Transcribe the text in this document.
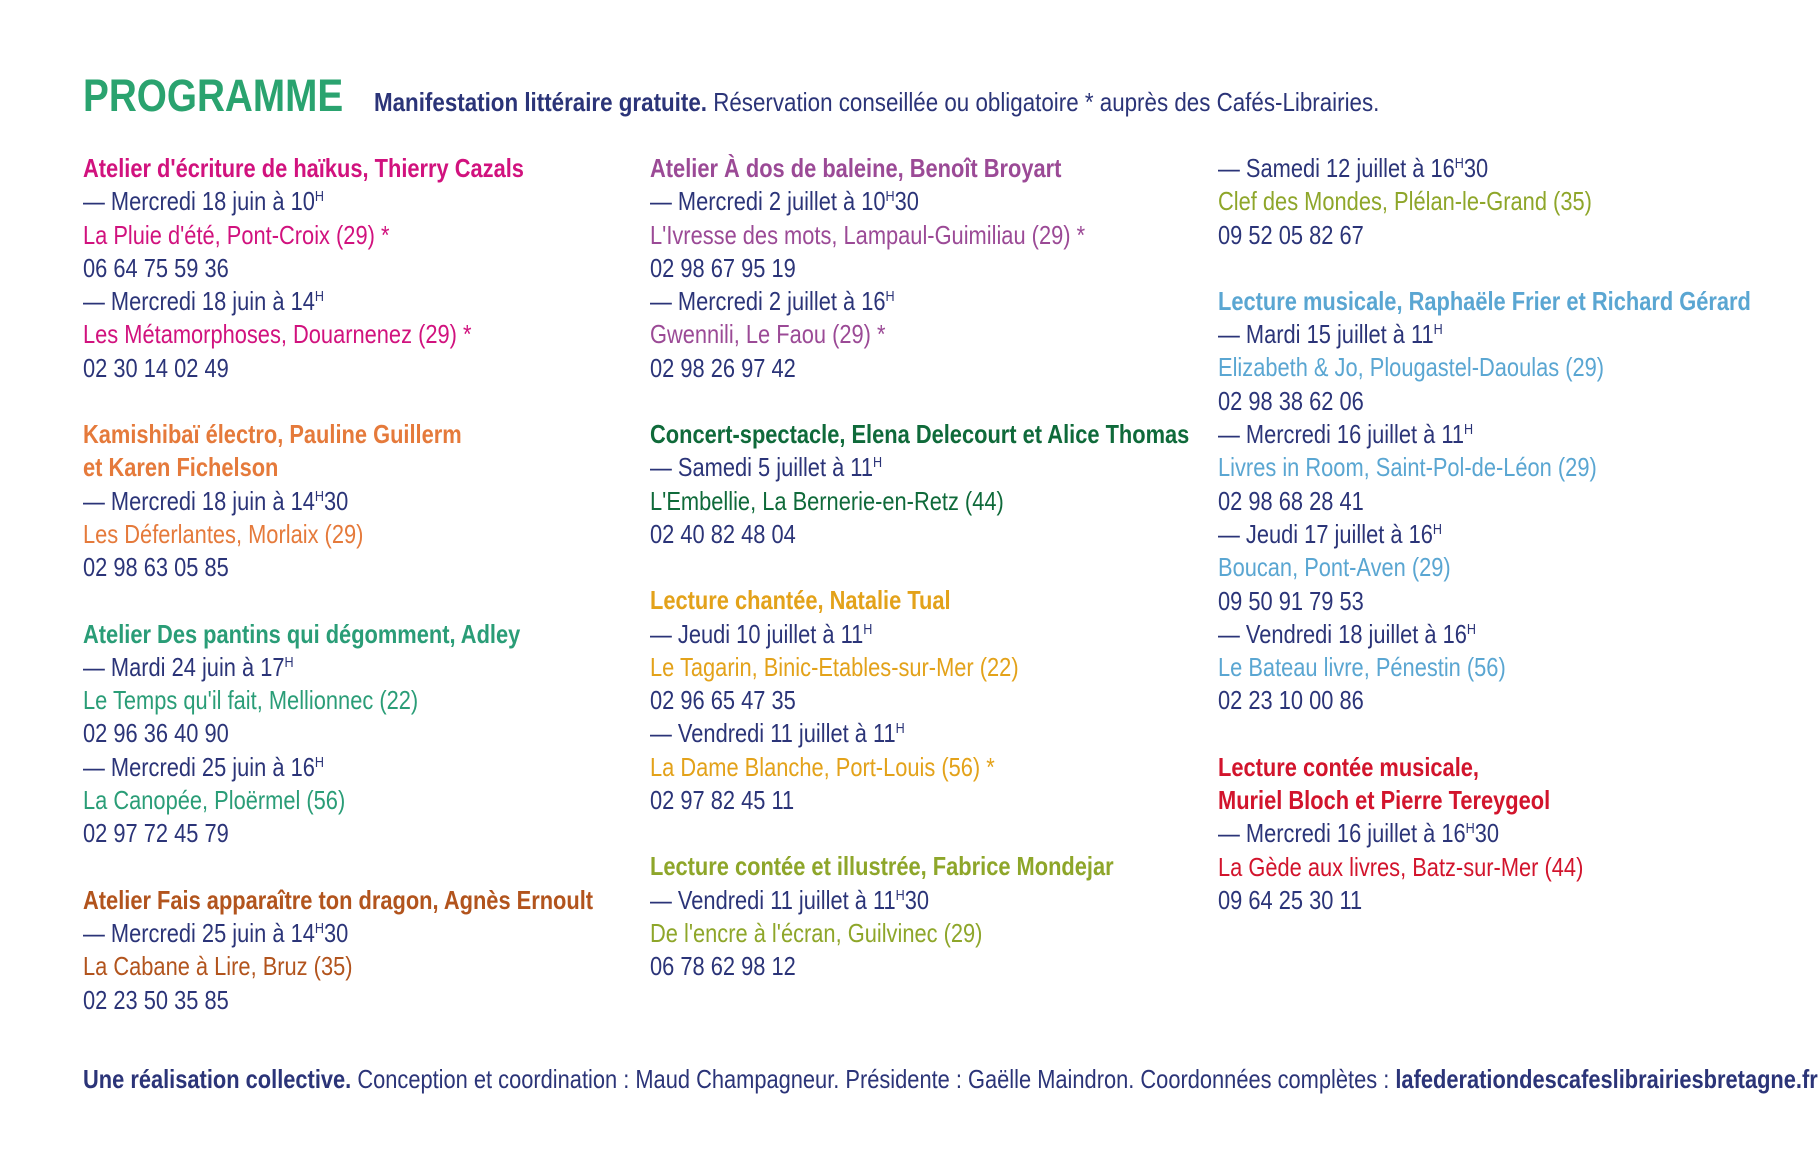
PROGRAMME Manifestation littéraire gratuite. Réservation conseillée ou obligatoire * auprès des Cafés-Librairies.
Atelier d'écriture de haïkus, Thierry Cazals
— Mercredi 18 juin à $10^H$
La Pluie d'été, Pont-Croix (29) *
06 64 75 59 36
— Mercredi 18 juin à $14^H$
Les Métamorphoses, Douarnenez (29) *
02 30 14 02 49
Kamishibaï électro, Pauline Guillerm
et Karen Fichelson
— Mercredi 18 juin à $14^H30$
Les Déferlantes, Morlaix (29)
02 98 63 05 85
Atelier Des pantins qui dégomment, Adley
— Mardi 24 juin à $17^H$
Le Temps qu'il fait, Mellionnec (22)
02 96 36 40 90
— Mercredi 25 juin à $16^H$
La Canopée, Ploërmel (56)
02 97 72 45 79
Atelier Fais apparaître ton dragon, Agnès Ernoult
— Mercredi 25 juin à $14^H30$
La Cabane à Lire, Bruz (35)
02 23 50 35 85
Atelier À dos de baleine, Benoît Broyart
— Mercredi 2 juillet à $10^H30$
L'Ivresse des mots, Lampaul-Guimiliau (29) *
02 98 67 95 19
— Mercredi 2 juillet à $16^H$
Gwennili, Le Faou (29) *
02 98 26 97 42
Concert-spectacle, Elena Delecourt et Alice Thomas
— Samedi 5 juillet à $11^H$
L'Embellie, La Bernerie-en-Retz (44)
02 40 82 48 04
Lecture chantée, Natalie Tual
— Jeudi 10 juillet à $11^H$
Le Tagarin, Binic-Etables-sur-Mer (22)
02 96 65 47 35
— Vendredi 11 juillet à $11^H$
La Dame Blanche, Port-Louis (56) *
02 97 82 45 11
Lecture contée et illustrée, Fabrice Mondejar
— Vendredi 11 juillet à $11^H30$
De l'encre à l'écran, Guilvinec (29)
06 78 62 98 12
— Samedi 12 juillet à $16^H30$
Clef des Mondes, Plélan-le-Grand (35)
09 52 05 82 67
Lecture musicale, Raphaële Frier et Richard Gérard
— Mardi 15 juillet à $11^H$
Elizabeth & Jo, Plougastel-Daoulas (29)
02 98 38 62 06
— Mercredi 16 juillet à $11^H$
Livres in Room, Saint-Pol-de-Léon (29)
02 98 68 28 41
— Jeudi 17 juillet à $16^H$
Boucan, Pont-Aven (29)
09 50 91 79 53
— Vendredi 18 juillet à $16^H$
Le Bateau livre, Pénestin (56)
02 23 10 00 86
Lecture contée musicale,
Muriel Bloch et Pierre Tereygeol
— Mercredi 16 juillet à $16^H30$
La Gède aux livres, Batz-sur-Mer (44)
09 64 25 30 11
Une réalisation collective. Conception et coordination : Maud Champagneur. Présidente : Gaëlle Maindron. Coordonnées complètes : lafederationdescafeslibrairiesbretagne.fr
